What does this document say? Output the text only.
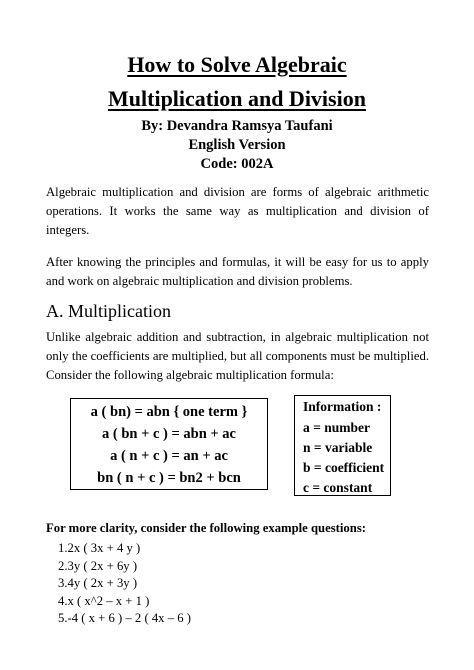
How to Solve Algebraic
Multiplication and Division
By: Devandra Ramsya Taufani
English Version
Code: 002A

Algebraic multiplication and division are forms of algebraic arithmetic operations. It works the same way as multiplication and division of integers.

After knowing the principles and formulas, it will be easy for us to apply and work on algebraic multiplication and division problems.

A. Multiplication

Unlike algebraic addition and subtraction, in algebraic multiplication not only the coefficients are multiplied, but all components must be multiplied. Consider the following algebraic multiplication formula:

a ( bn) = abn { one term }
a ( bn + c ) = abn + ac
a ( n + c ) = an + ac
bn ( n + c ) = bn2 + bcn
Information :
a = number
n = variable
b = coefficient
c = constant
For more clarity, consider the following example questions:
1.2x ( 3x + 4 y )
2.3y ( 2x + 6y )
3.4y ( 2x + 3y )
4.x ( x^2 – x + 1 )
5.-4 ( x + 6 ) – 2 ( 4x – 6 )
